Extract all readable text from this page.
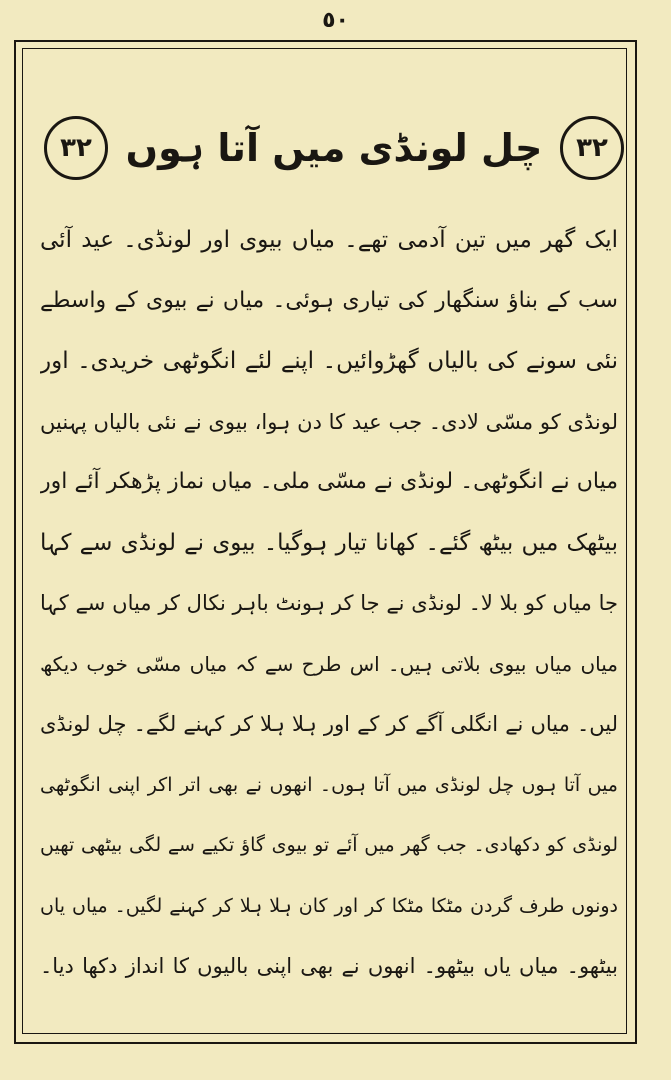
٥٠
٣٢ چل لونڈی میں آتا ہوں	٣٢
ایک گھر میں تین آدمی تھے۔ میاں بیوی اور لونڈی۔ عید آئی
سب کے بناؤ سنگھار کی تیاری ہوئی۔ میاں نے بیوی کے واسطے
نئی سونے کی بالیاں گھڑوائیں۔ اپنے لئے انگوٹھی خریدی۔ اور
لونڈی کو مسّی لادی۔ جب عید کا دن ہوا، بیوی نے نئی بالیاں پہنیں
میاں نے انگوٹھی۔ لونڈی نے مسّی ملی۔ میاں نماز پڑھکر آئے اور
بیٹھک میں بیٹھ گئے۔ کھانا تیار ہوگیا۔ بیوی نے لونڈی سے کہا
جا میاں کو بلا لا۔ لونڈی نے جا کر ہونٹ باہر نکال کر میاں سے کہا
میاں میاں بیوی بلاتی ہیں۔ اس طرح سے کہ میاں مسّی خوب دیکھ
لیں۔ میاں نے انگلی آگے کر کے اور ہلا ہلا کر کہنے لگے۔ چل لونڈی
میں آتا ہوں چل لونڈی میں آتا ہوں۔ انھوں نے بھی اتر اکر اپنی انگوٹھی
لونڈی کو دکھادی۔ جب گھر میں آئے تو بیوی گاؤ تکیے سے لگی بیٹھی تھیں
دونوں طرف گردن مٹکا مٹکا کر اور کان ہلا ہلا کر کہنے لگیں۔ میاں یاں
بیٹھو۔ میاں یاں بیٹھو۔ انھوں نے بھی اپنی بالیوں کا انداز دکھا دیا۔
